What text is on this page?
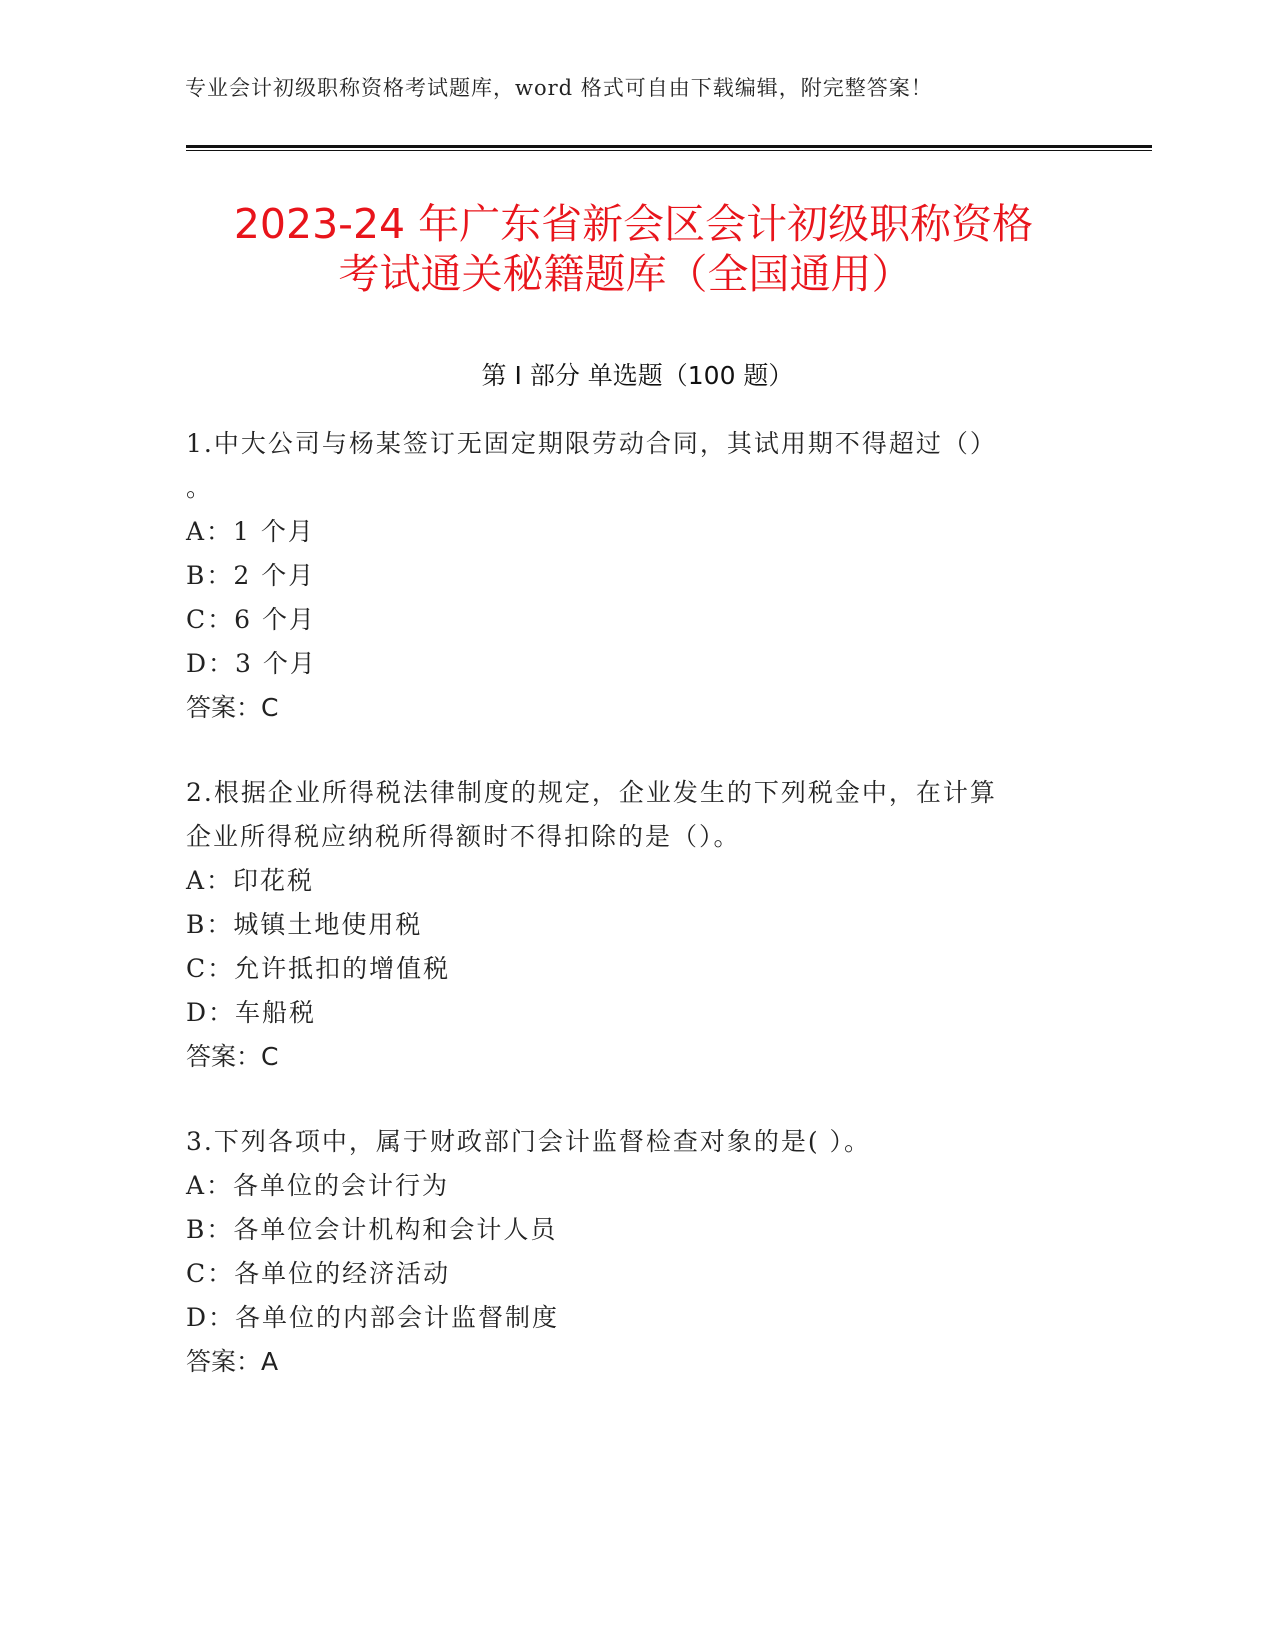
专业会计初级职称资格考试题库，word 格式可自由下载编辑，附完整答案！
2023-24 年广东省新会区会计初级职称资格
考试通关秘籍题库（全国通用）
第 I 部分 单选题（100 题）
1.中大公司与杨某签订无固定期限劳动合同，其试用期不得超过（）
。
A：1 个月
B：2 个月
C：6 个月
D：3 个月
答案：C
2.根据企业所得税法律制度的规定，企业发生的下列税金中，在计算
企业所得税应纳税所得额时不得扣除的是（）。
A：印花税
B：城镇土地使用税
C：允许抵扣的增值税
D：车船税
答案：C
3.下列各项中，属于财政部门会计监督检查对象的是( ）。
A：各单位的会计行为
B：各单位会计机构和会计人员
C：各单位的经济活动
D：各单位的内部会计监督制度
答案：A
